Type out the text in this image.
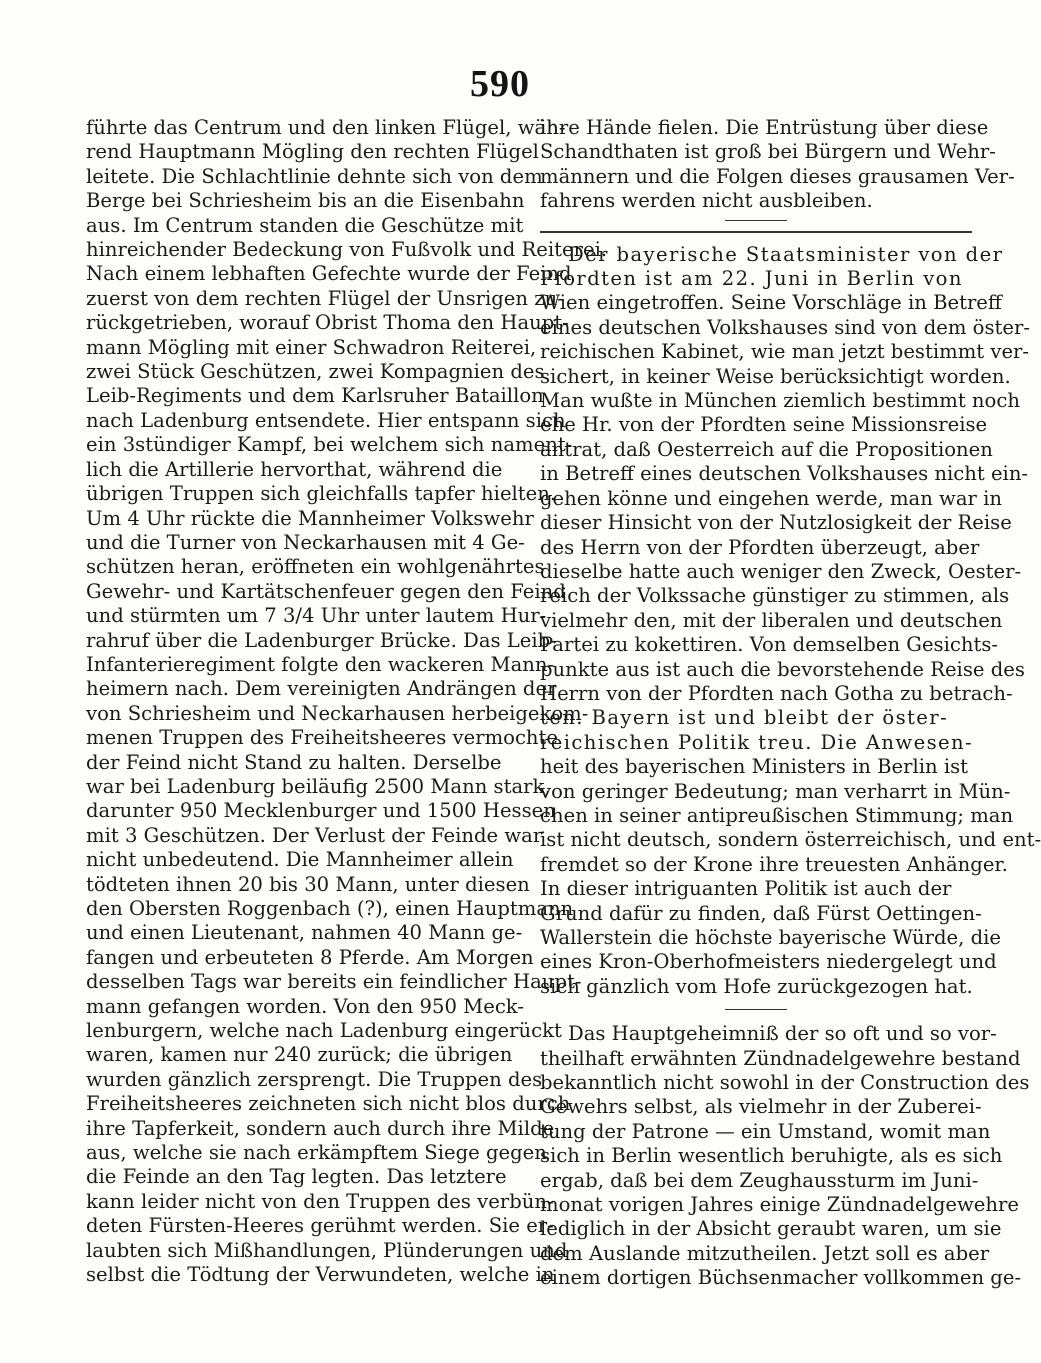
590
führte das Centrum und den linken Flügel, wäh-
rend Hauptmann Mögling den rechten Flügel
leitete. Die Schlachtlinie dehnte sich von dem
Berge bei Schriesheim bis an die Eisenbahn
aus. Im Centrum standen die Geschütze mit
hinreichender Bedeckung von Fußvolk und Reiterei.
Nach einem lebhaften Gefechte wurde der Feind
zuerst von dem rechten Flügel der Unsrigen zu-
rückgetrieben, worauf Obrist Thoma den Haupt-
mann Mögling mit einer Schwadron Reiterei,
zwei Stück Geschützen, zwei Kompagnien des
Leib-Regiments und dem Karlsruher Bataillon
nach Ladenburg entsendete. Hier entspann sich
ein 3stündiger Kampf, bei welchem sich nament-
lich die Artillerie hervorthat, während die
übrigen Truppen sich gleichfalls tapfer hielten.
Um 4 Uhr rückte die Mannheimer Volkswehr
und die Turner von Neckarhausen mit 4 Ge-
schützen heran, eröffneten ein wohlgenährtes
Gewehr- und Kartätschenfeuer gegen den Feind
und stürmten um 7 3/4 Uhr unter lautem Hur-
rahruf über die Ladenburger Brücke. Das Leib-
Infanterieregiment folgte den wackeren Mann-
heimern nach. Dem vereinigten Andrängen der
von Schriesheim und Neckarhausen herbeigekom-
menen Truppen des Freiheitsheeres vermochte
der Feind nicht Stand zu halten. Derselbe
war bei Ladenburg beiläufig 2500 Mann stark,
darunter 950 Mecklenburger und 1500 Hessen
mit 3 Geschützen. Der Verlust der Feinde war
nicht unbedeutend. Die Mannheimer allein
tödteten ihnen 20 bis 30 Mann, unter diesen
den Obersten Roggenbach (?), einen Hauptmann
und einen Lieutenant, nahmen 40 Mann ge-
fangen und erbeuteten 8 Pferde. Am Morgen
desselben Tags war bereits ein feindlicher Haupt-
mann gefangen worden. Von den 950 Meck-
lenburgern, welche nach Ladenburg eingerückt
waren, kamen nur 240 zurück; die übrigen
wurden gänzlich zersprengt. Die Truppen des
Freiheitsheeres zeichneten sich nicht blos durch
ihre Tapferkeit, sondern auch durch ihre Milde
aus, welche sie nach erkämpftem Siege gegen
die Feinde an den Tag legten. Das letztere
kann leider nicht von den Truppen des verbün-
deten Fürsten-Heeres gerühmt werden. Sie er-
laubten sich Mißhandlungen, Plünderungen und
selbst die Tödtung der Verwundeten, welche in
ihre Hände fielen. Die Entrüstung über diese
Schandthaten ist groß bei Bürgern und Wehr-
männern und die Folgen dieses grausamen Ver-
fahrens werden nicht ausbleiben.
Der bayerische Staatsminister von der
Pfordten ist am 22. Juni in Berlin von
Wien eingetroffen. Seine Vorschläge in Betreff
eines deutschen Volkshauses sind von dem öster-
reichischen Kabinet, wie man jetzt bestimmt ver-
sichert, in keiner Weise berücksichtigt worden.
Man wußte in München ziemlich bestimmt noch
ehe Hr. von der Pfordten seine Missionsreise
antrat, daß Oesterreich auf die Propositionen
in Betreff eines deutschen Volkshauses nicht ein-
gehen könne und eingehen werde, man war in
dieser Hinsicht von der Nutzlosigkeit der Reise
des Herrn von der Pfordten überzeugt, aber
dieselbe hatte auch weniger den Zweck, Oester-
reich der Volkssache günstiger zu stimmen, als
vielmehr den, mit der liberalen und deutschen
Partei zu kokettiren. Von demselben Gesichts-
punkte aus ist auch die bevorstehende Reise des
Herrn von der Pfordten nach Gotha zu betrach-
ten. Bayern ist und bleibt der öster-
reichischen Politik treu. Die Anwesen-
heit des bayerischen Ministers in Berlin ist
von geringer Bedeutung; man verharrt in Mün-
chen in seiner antipreußischen Stimmung; man
ist nicht deutsch, sondern österreichisch, und ent-
fremdet so der Krone ihre treuesten Anhänger.
In dieser intriguanten Politik ist auch der
Grund dafür zu finden, daß Fürst Oettingen-
Wallerstein die höchste bayerische Würde, die
eines Kron-Oberhofmeisters niedergelegt und
sich gänzlich vom Hofe zurückgezogen hat.
Das Hauptgeheimniß der so oft und so vor-
theilhaft erwähnten Zündnadelgewehre bestand
bekanntlich nicht sowohl in der Construction des
Gewehrs selbst, als vielmehr in der Zuberei-
tung der Patrone — ein Umstand, womit man
sich in Berlin wesentlich beruhigte, als es sich
ergab, daß bei dem Zeughaussturm im Juni-
monat vorigen Jahres einige Zündnadelgewehre
lediglich in der Absicht geraubt waren, um sie
dem Auslande mitzutheilen. Jetzt soll es aber
einem dortigen Büchsenmacher vollkommen ge-
